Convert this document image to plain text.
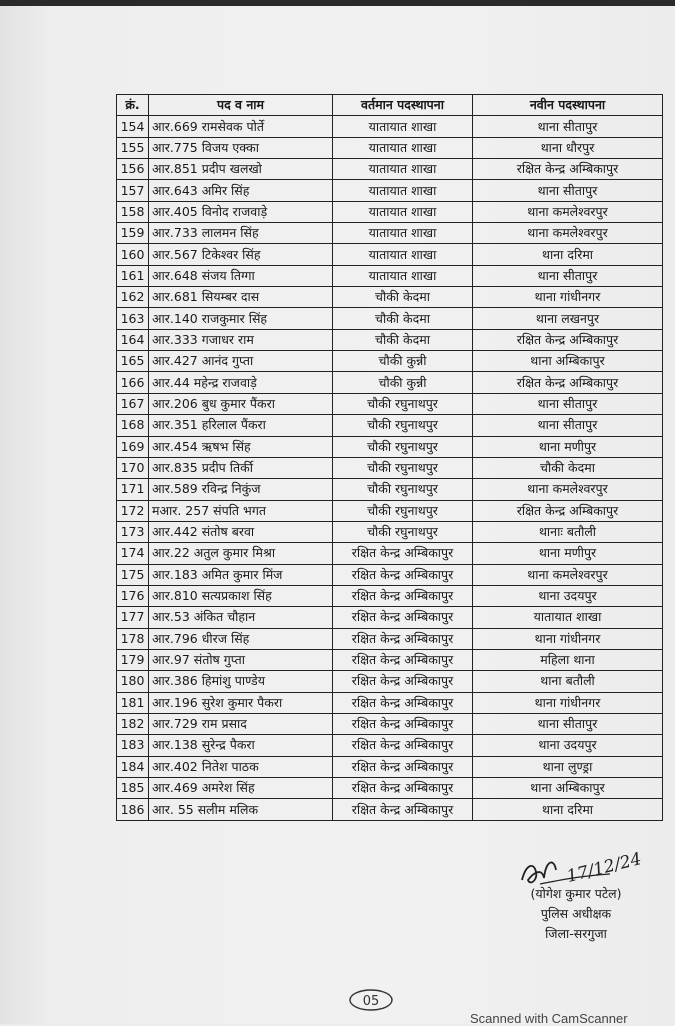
क्रं.	पद व नाम	वर्तमान पदस्थापना	नवीन पदस्थापना
154	आर.669 रामसेवक पोर्ते	यातायात शाखा	थाना सीतापुर
155	आर.775 विजय एक्का	यातायात शाखा	थाना धौरपुर
156	आर.851 प्रदीप खलखो	यातायात शाखा	रक्षित केन्द्र अम्बिकापुर
157	आर.643 अमिर सिंह	यातायात शाखा	थाना सीतापुर
158	आर.405 विनोद राजवाड़े	यातायात शाखा	थाना कमलेश्वरपुर
159	आर.733 लालमन सिंह	यातायात शाखा	थाना कमलेश्वरपुर
160	आर.567 टिकेश्वर सिंह	यातायात शाखा	थाना दरिमा
161	आर.648 संजय तिग्गा	यातायात शाखा	थाना सीतापुर
162	आर.681 सियम्बर दास	चौकी केदमा	थाना गांधीनगर
163	आर.140 राजकुमार सिंह	चौकी केदमा	थाना लखनपुर
164	आर.333 गजाधर राम	चौकी केदमा	रक्षित केन्द्र अम्बिकापुर
165	आर.427 आनंद गुप्ता	चौकी कुन्नी	थाना अम्बिकापुर
166	आर.44 महेन्द्र राजवाड़े	चौकी कुन्नी	रक्षित केन्द्र अम्बिकापुर
167	आर.206 बुध कुमार पैंकरा	चौकी रघुनाथपुर	थाना सीतापुर
168	आर.351 हरिलाल पैंकरा	चौकी रघुनाथपुर	थाना सीतापुर
169	आर.454 ऋषभ सिंह	चौकी रघुनाथपुर	थाना मणीपुर
170	आर.835 प्रदीप तिर्की	चौकी रघुनाथपुर	चौकी केदमा
171	आर.589 रविन्द्र निकुंज	चौकी रघुनाथपुर	थाना कमलेश्वरपुर
172	मआर. 257 संपति भगत	चौकी रघुनाथपुर	रक्षित केन्द्र अम्बिकापुर
173	आर.442 संतोष बरवा	चौकी रघुनाथपुर	थानाः बतौली
174	आर.22 अतुल कुमार मिश्रा	रक्षित केन्द्र अम्बिकापुर	थाना मणीपुर
175	आर.183 अमित कुमार मिंज	रक्षित केन्द्र अम्बिकापुर	थाना कमलेश्वरपुर
176	आर.810 सत्यप्रकाश सिंह	रक्षित केन्द्र अम्बिकापुर	थाना उदयपुर
177	आर.53 अंकित चौहान	रक्षित केन्द्र अम्बिकापुर	यातायात शाखा
178	आर.796 धीरज सिंह	रक्षित केन्द्र अम्बिकापुर	थाना गांधीनगर
179	आर.97 संतोष गुप्ता	रक्षित केन्द्र अम्बिकापुर	महिला थाना
180	आर.386 हिमांशु पाण्डेय	रक्षित केन्द्र अम्बिकापुर	थाना बतौली
181	आर.196 सुरेश कुमार पैकरा	रक्षित केन्द्र अम्बिकापुर	थाना गांधीनगर
182	आर.729 राम प्रसाद	रक्षित केन्द्र अम्बिकापुर	थाना सीतापुर
183	आर.138 सुरेन्द्र पैकरा	रक्षित केन्द्र अम्बिकापुर	थाना उदयपुर
184	आर.402 नितेश पाठक	रक्षित केन्द्र अम्बिकापुर	थाना लुण्ड्रा
185	आर.469 अमरेश सिंह	रक्षित केन्द्र अम्बिकापुर	थाना अम्बिकापुर
186	आर. 55 सलीम मलिक	रक्षित केन्द्र अम्बिकापुर	थाना दरिमा
17/12/24
(योगेश कुमार पटेल)
पुलिस अधीक्षक
जिला-सरगुजा
05
Scanned with CamScanner
